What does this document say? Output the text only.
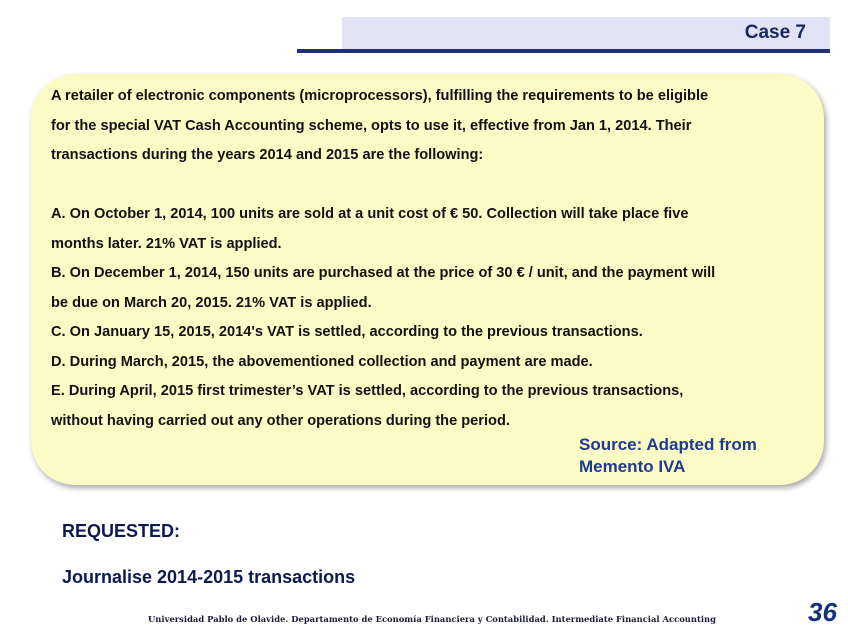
Case 7

A retailer of electronic components (microprocessors), fulfilling the requirements to be eligible

for the special VAT Cash Accounting scheme, opts to use it, effective from Jan 1, 2014. Their

transactions during the years 2014 and 2015 are the following:

A. On October 1, 2014, 100 units are sold at a unit cost of € 50. Collection will take place five

months later. 21% VAT is applied.

B. On December 1, 2014, 150 units are purchased at the price of 30 € / unit, and the payment will

be due on March 20, 2015. 21% VAT is applied.

C. On January 15, 2015, 2014's VAT is settled, according to the previous transactions.

D. During March, 2015, the abovementioned collection and payment are made.

E. During April, 2015 first trimester’s VAT is settled, according to the previous transactions,

without having carried out any other operations during the period.

Source: Adapted from
Memento IVA
REQUESTED:
Journalise 2014-2015 transactions
Universidad Pablo de Olavide. Departamento de Economía Financiera y Contabilidad. Intermediate Financial Accounting	36
